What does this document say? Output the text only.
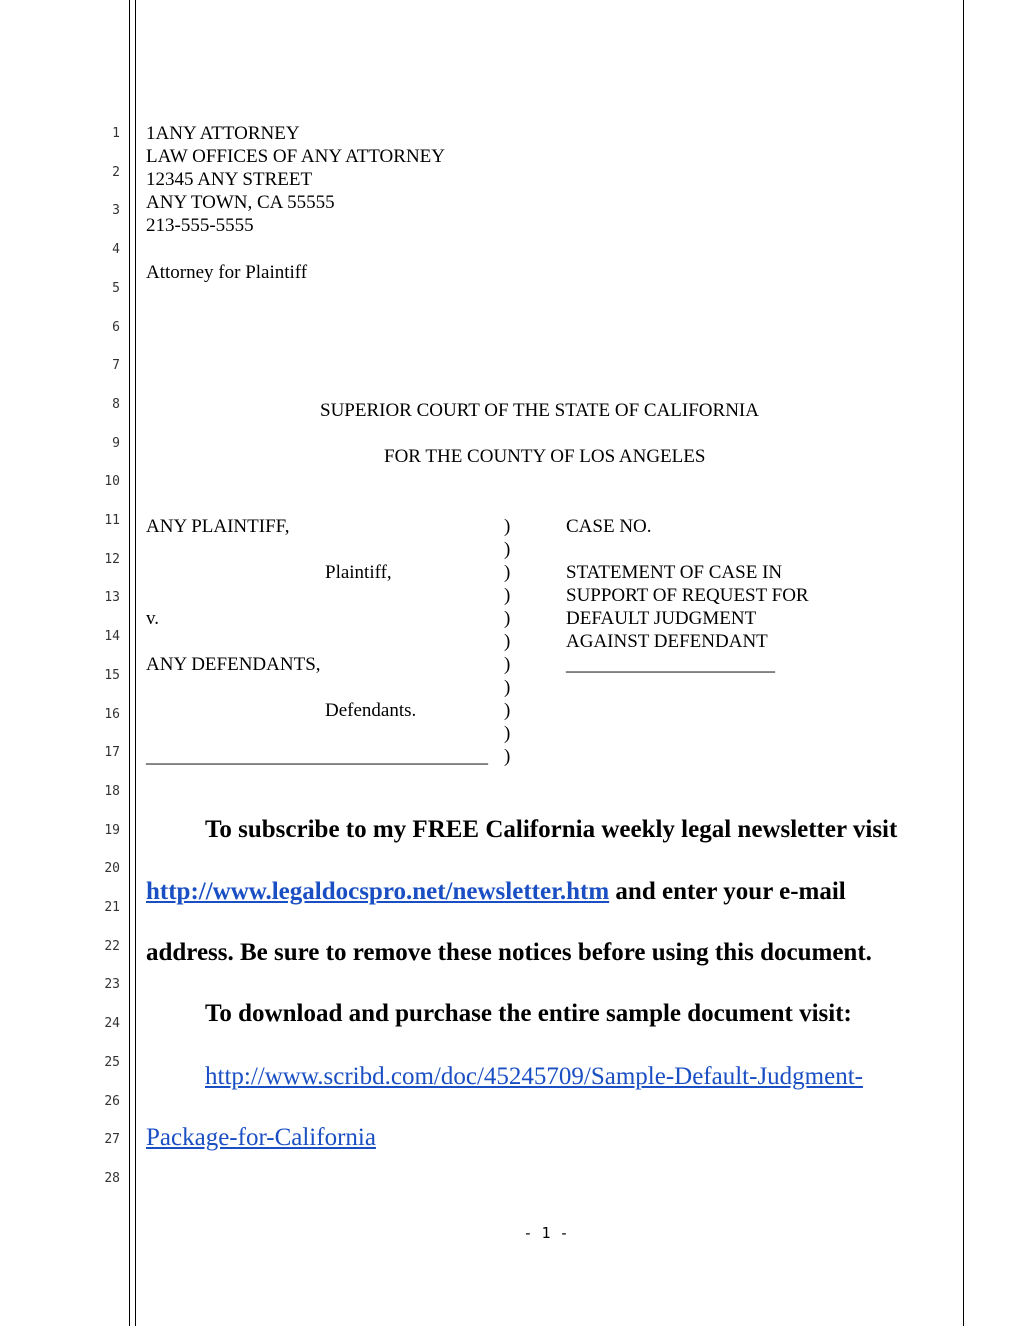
1
2
3
4
5
6
7
8
9
10
11
12
13
14
15
16
17
18
19
20
21
22
23
24
25
26
27
28
1ANY ATTORNEY
LAW OFFICES OF ANY ATTORNEY
12345 ANY STREET
ANY TOWN, CA 55555
213-555-5555
Attorney for Plaintiff
SUPERIOR COURT OF THE STATE OF CALIFORNIA
FOR THE COUNTY OF LOS ANGELES
ANY PLAINTIFF,
Plaintiff,
v.
ANY DEFENDANTS,
Defendants.
____________________________________
)
)
)
)
)
)
)
)
)
)
)
CASE NO.
STATEMENT OF CASE IN
SUPPORT OF REQUEST FOR
DEFAULT JUDGMENT
AGAINST DEFENDANT
______________________
To subscribe to my FREE California weekly legal newsletter visit
http://www.legaldocspro.net/newsletter.htm and enter your e-mail
address. Be sure to remove these notices before using this document.
To download and purchase the entire sample document visit:
http://www.scribd.com/doc/45245709/Sample-Default-Judgment-
Package-for-California
- 1 -
